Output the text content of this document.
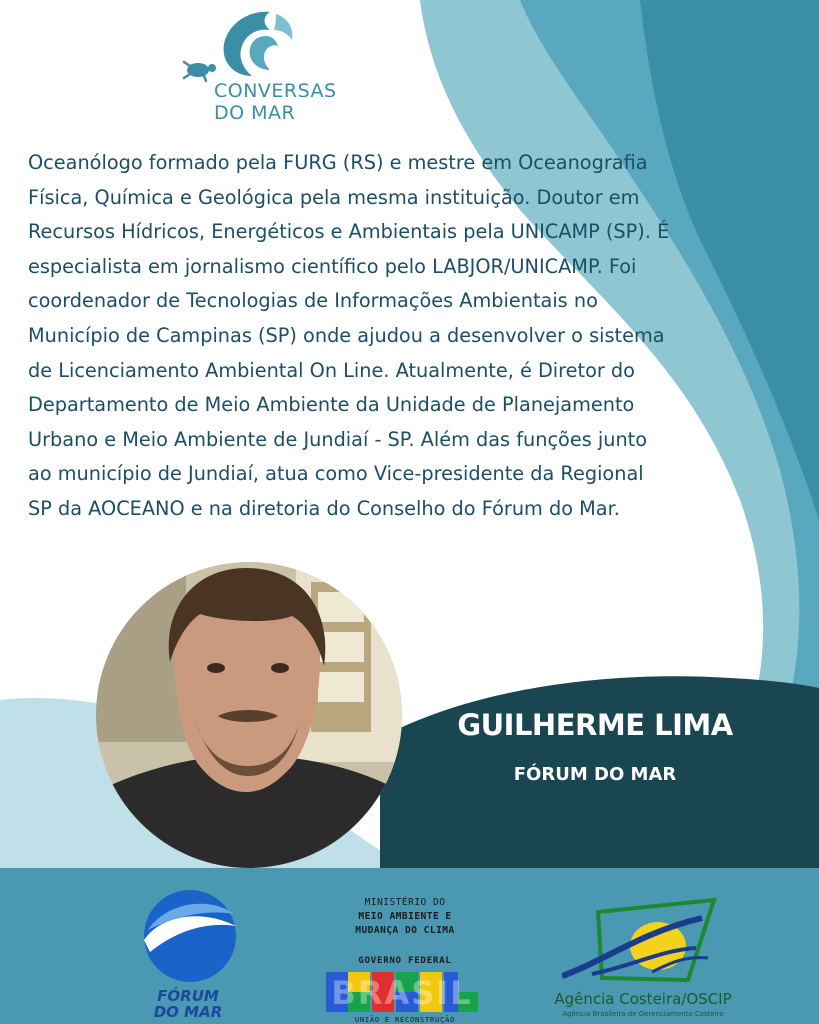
CONVERSAS
DO MAR
Oceanólogo formado pela FURG (RS) e mestre em Oceanografia
Física, Química e Geológica pela mesma instituição. Doutor em
Recursos Hídricos, Energéticos e Ambientais pela UNICAMP (SP). É
especialista em jornalismo científico pelo LABJOR/UNICAMP. Foi
coordenador de Tecnologias de Informações Ambientais no
Município de Campinas (SP) onde ajudou a desenvolver o sistema
de Licenciamento Ambiental On Line. Atualmente, é Diretor do
Departamento de Meio Ambiente da Unidade de Planejamento
Urbano e Meio Ambiente de Jundiaí - SP. Além das funções junto
ao município de Jundiaí, atua como Vice-presidente da Regional
SP da AOCEANO e na diretoria do Conselho do Fórum do Mar.
GUILHERME LIMA
FÓRUM DO MAR
FÓRUM
DO MAR
MINISTÉRIO DO
MEIO AMBIENTE E
MUDANÇA DO CLIMA
GOVERNO FEDERAL
BRASIL
UNIÃO E RECONSTRUÇÃO
Agência Costeira/OSCIP
Agência Brasileira de Gerenciamento Costeiro
